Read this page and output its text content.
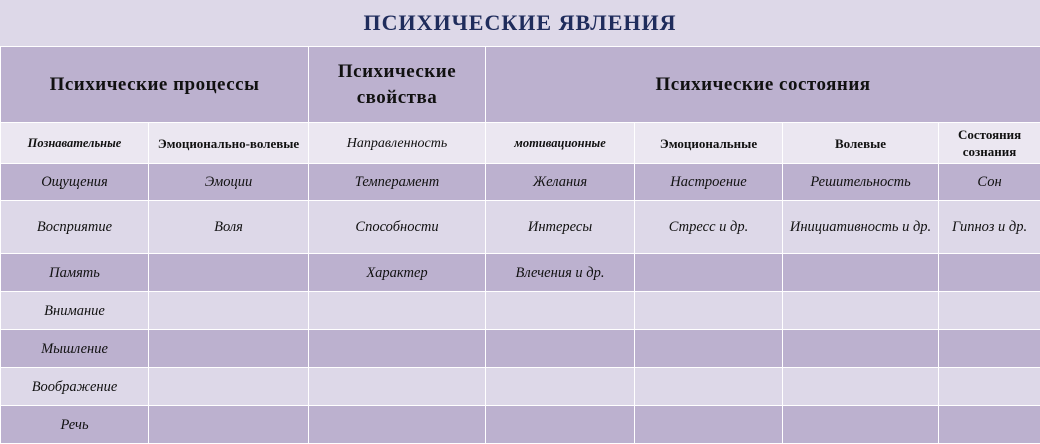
ПСИХИЧЕСКИЕ ЯВЛЕНИЯ
Психические процессы		Психические свойства	Психические состояния			
Познавательные	Эмоционально-волевые	Направленность	мотивационные	Эмоциональные	Волевые	Состояния сознания
Ощущения	Эмоции	Темперамент	Желания	Настроение	Решительность	Сон
Восприятие	Воля	Способности	Интересы	Стресс и др.	Инициативность и др.	Гипноз и др.
Память		Характер	Влечения и др.			
Внимание						
Мышление						
Воображение						
Речь						
